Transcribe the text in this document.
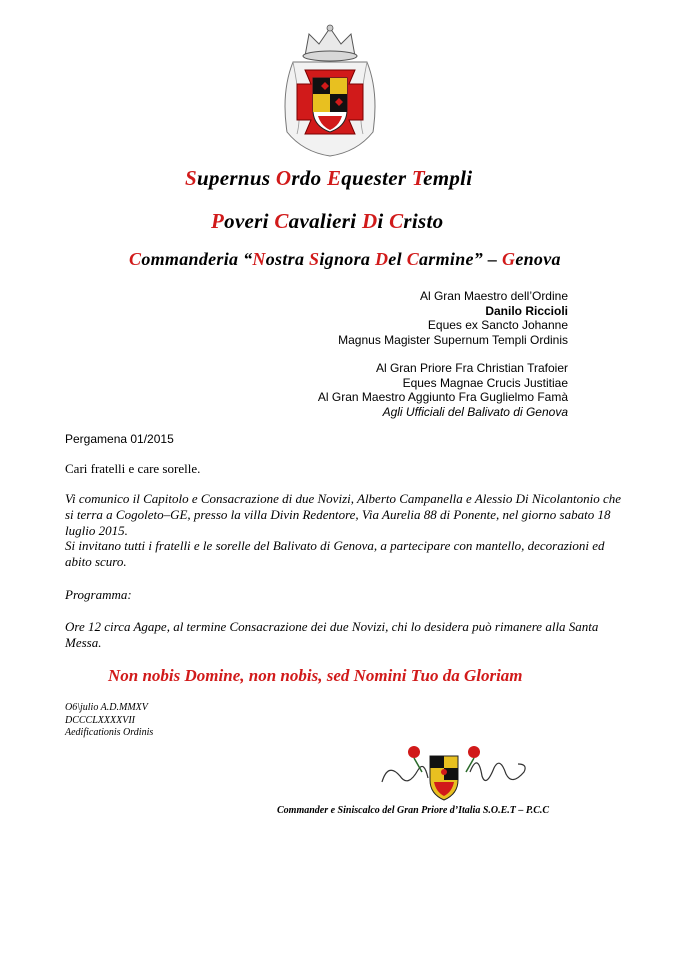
Supernus Ordo Equester Templi
Poveri Cavalieri Di Cristo
Commanderia “Nostra Signora Del Carmine” – Genova
Al Gran Maestro dell’Ordine
Danilo Riccioli
Eques ex Sancto Johanne
Magnus Magister Supernum Templi Ordinis
Al Gran Priore Fra Christian Trafoier
Eques Magnae Crucis Justitiae
Al Gran Maestro Aggiunto Fra Guglielmo Famà
Agli Ufficiali del Balivato di Genova
Pergamena 01/2015
Cari fratelli e care sorelle.
Vi comunico il Capitolo e Consacrazione di due Novizi, Alberto Campanella e Alessio Di Nicolantonio che si terra a Cogoleto–GE, presso la villa Divin Redentore, Via Aurelia 88 di Ponente, nel giorno sabato 18 luglio 2015.
Si invitano tutti i fratelli e le sorelle del Balivato di Genova, a partecipare con mantello, decorazioni ed abito scuro.
Programma:
Ore 12 circa Agape, al termine Consacrazione dei due Novizi, chi lo desidera può rimanere alla Santa Messa.
Non nobis Domine, non nobis, sed Nomini Tuo da Gloriam
O6\julio A.D.MMXV
DCCCLXXXXVII
Aedificationis Ordinis
Commander e Siniscalco del Gran Priore d’Italia S.O.E.T – P.C.C
